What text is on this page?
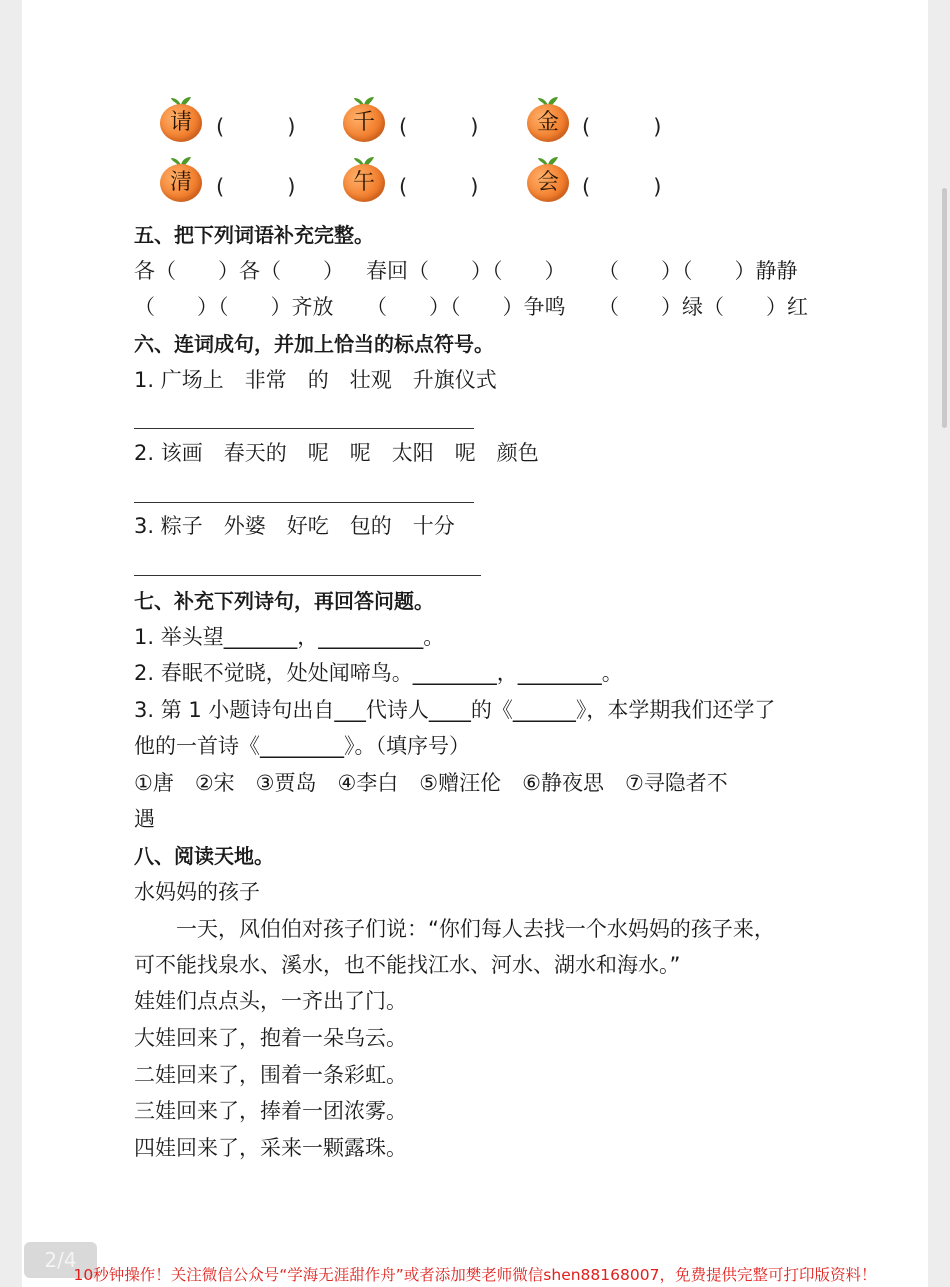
请	(　　　)	千	(　　　)	金	(　　　)
清	(　　　)	午	(　　　)	会	(　　　)
五、把下列词语补充完整。
各（　　）各（　　） 春回（　　）（　　） （　　）（　　）静静
（　　）（　　）齐放 （　　）（　　）争鸣 （　　）绿（　　）红
六、连词成句，并加上恰当的标点符号。
1. 广场上　非常　的　壮观　升旗仪式
2. 该画　春天的　呢　呢　太阳　呢　颜色
3. 粽子　外婆　好吃　包的　十分
七、补充下列诗句，再回答问题。
1. 举头望_______，__________。
2. 春眠不觉晓，处处闻啼鸟。________，________。
3. 第 1 小题诗句出自___代诗人____的《______》，本学期我们还学了
他的一首诗《________》。（填序号）
①唐　②宋　③贾岛　④李白　⑤赠汪伦　⑥静夜思　⑦寻隐者不
遇
八、阅读天地。
水妈妈的孩子
一天，风伯伯对孩子们说：“你们每人去找一个水妈妈的孩子来，
可不能找泉水、溪水，也不能找江水、河水、湖水和海水。”
娃娃们点点头，一齐出了门。
大娃回来了，抱着一朵乌云。
二娃回来了，围着一条彩虹。
三娃回来了，捧着一团浓雾。
四娃回来了，采来一颗露珠。
2/4
10秒钟操作！关注微信公众号“学海无涯甜作舟”或者添加樊老师微信shen88168007，免费提供完整可打印版资料！
